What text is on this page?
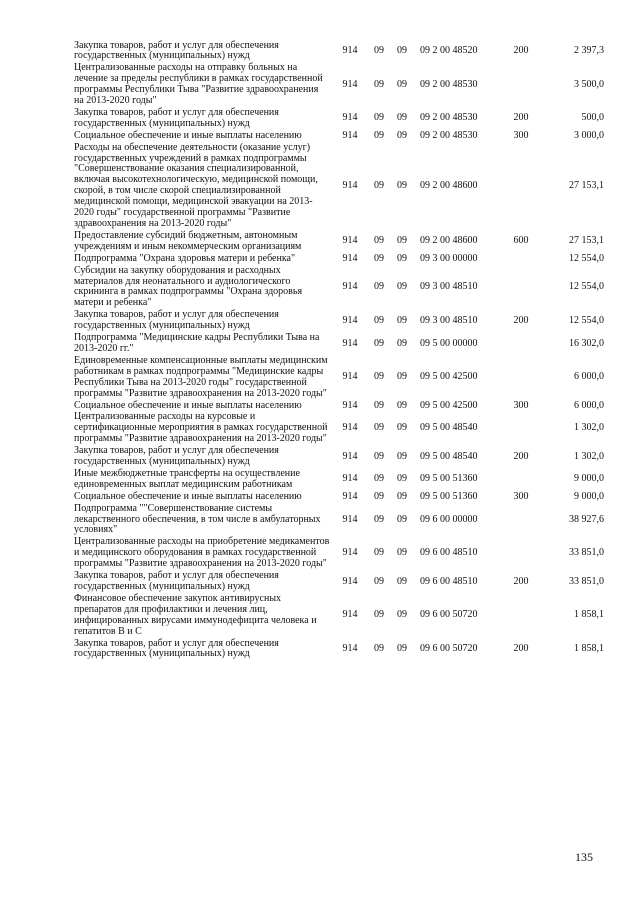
Закупка товаров, работ и услуг для обеспечения государственных (муниципальных) нужд	914	09	09	09 2 00 48520	200	2 397,3
Централизованные расходы на отправку больных на лечение за пределы республики в рамках государственной программы Республики Тыва "Развитие здравоохранения на 2013-2020 годы"	914	09	09	09 2 00 48530		3 500,0
Закупка товаров, работ и услуг для обеспечения государственных (муниципальных) нужд	914	09	09	09 2 00 48530	200	500,0
Социальное обеспечение и иные выплаты населению	914	09	09	09 2 00 48530	300	3 000,0
Расходы на обеспечение деятельности (оказание услуг) государственных учреждений в рамках подпрограммы "Совершенствование оказания специализированной, включая высокотехнологическую, медицинской помощи, скорой, в том числе скорой специализированной медицинской помощи, медицинской эвакуации на 2013-2020 годы" государственной программы "Развитие здравоохранения на 2013-2020 годы"	914	09	09	09 2 00 48600		27 153,1
Предоставление субсидий бюджетным, автономным учреждениям и иным некоммерческим организациям	914	09	09	09 2 00 48600	600	27 153,1
Подпрограмма "Охрана здоровья матери и ребенка"	914	09	09	09 3 00 00000		12 554,0
Субсидии на закупку оборудования и расходных материалов для неонатального и аудиологического скрининга в рамках подпрограммы "Охрана здоровья матери и ребенка"	914	09	09	09 3 00 48510		12 554,0
Закупка товаров, работ и услуг для обеспечения государственных (муниципальных) нужд	914	09	09	09 3 00 48510	200	12 554,0
Подпрограмма "Медицинские кадры Республики Тыва на 2013-2020 гг."	914	09	09	09 5 00 00000		16 302,0
Единовременные компенсационные выплаты медицинским работникам в рамках подпрограммы "Медицинские кадры Республики Тыва на 2013-2020 годы" государственной программы "Развитие здравоохранения на 2013-2020 годы"	914	09	09	09 5 00 42500		6 000,0
Социальное обеспечение и иные выплаты населению	914	09	09	09 5 00 42500	300	6 000,0
Централизованные расходы на курсовые и сертификационные мероприятия в рамках государственной программы "Развитие здравоохранения на 2013-2020 годы"	914	09	09	09 5 00 48540		1 302,0
Закупка товаров, работ и услуг для обеспечения государственных (муниципальных) нужд	914	09	09	09 5 00 48540	200	1 302,0
Иные межбюджетные трансферты на осуществление единовременных выплат медицинским работникам	914	09	09	09 5 00 51360		9 000,0
Социальное обеспечение и иные выплаты населению	914	09	09	09 5 00 51360	300	9 000,0
Подпрограмма ""Совершенствование системы лекарственного обеспечения, в том числе в амбулаторных условиях"	914	09	09	09 6 00 00000		38 927,6
Централизованные расходы на приобретение медикаментов и медицинского оборудования в рамках государственной программы "Развитие здравоохранения на 2013-2020 годы"	914	09	09	09 6 00 48510		33 851,0
Закупка товаров, работ и услуг для обеспечения государственных (муниципальных) нужд	914	09	09	09 6 00 48510	200	33 851,0
Финансовое обеспечение закупок антивирусных препаратов для профилактики и лечения лиц, инфицированных вирусами иммунодефицита человека и гепатитов В и С	914	09	09	09 6 00 50720		1 858,1
Закупка товаров, работ и услуг для обеспечения государственных (муниципальных) нужд	914	09	09	09 6 00 50720	200	1 858,1
135
